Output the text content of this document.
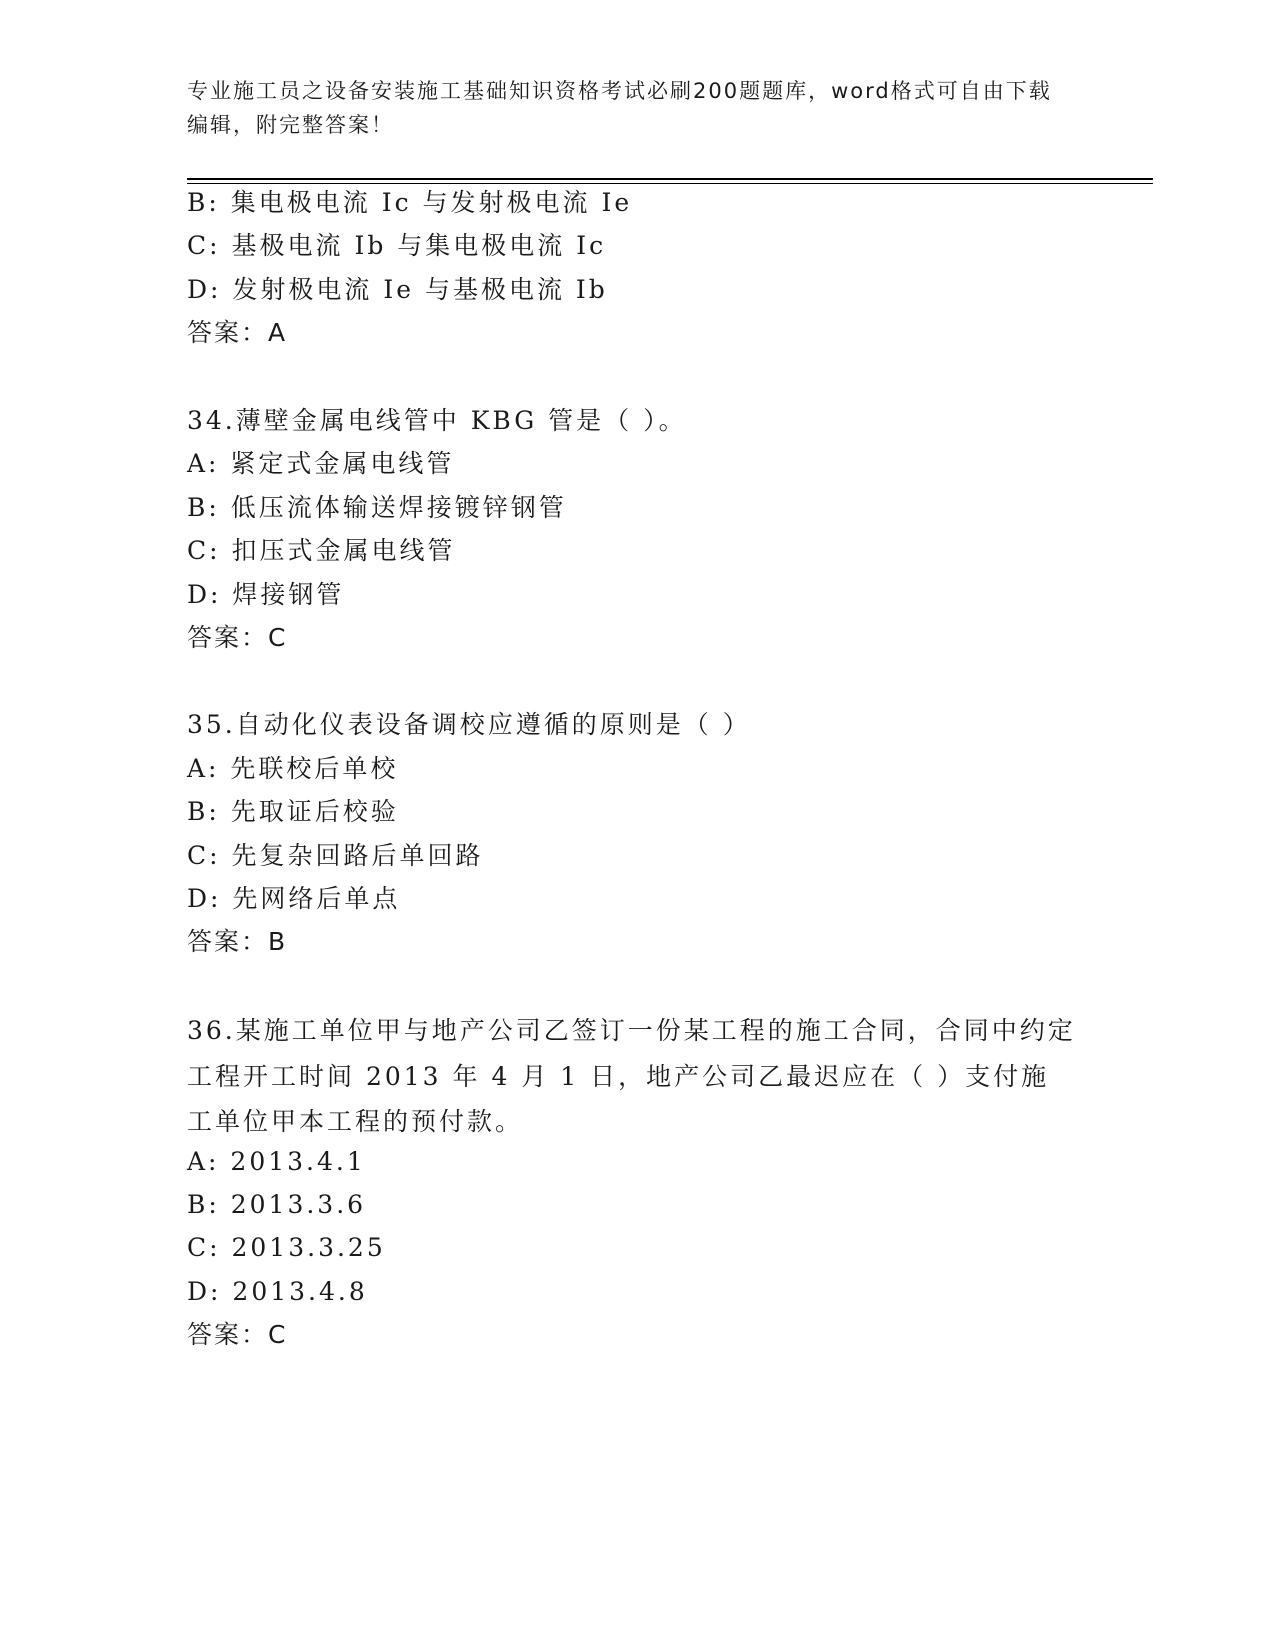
专业施工员之设备安装施工基础知识资格考试必刷200题题库，word格式可自由下载编辑，附完整答案！
B: 集电极电流 Ic 与发射极电流 Ie
C: 基极电流 Ib 与集电极电流 Ic
D: 发射极电流 Ie 与基极电流 Ib
答案：A
34.薄壁金属电线管中 KBG 管是（ ）。
A: 紧定式金属电线管
B: 低压流体输送焊接镀锌钢管
C: 扣压式金属电线管
D: 焊接钢管
答案：C
35.自动化仪表设备调校应遵循的原则是（ ）
A: 先联校后单校
B: 先取证后校验
C: 先复杂回路后单回路
D: 先网络后单点
答案：B
36.某施工单位甲与地产公司乙签订一份某工程的施工合同，合同中约定工程开工时间 2013 年 4 月 1 日，地产公司乙最迟应在（ ）支付施工单位甲本工程的预付款。
A: 2013.4.1
B: 2013.3.6
C: 2013.3.25
D: 2013.4.8
答案：C
